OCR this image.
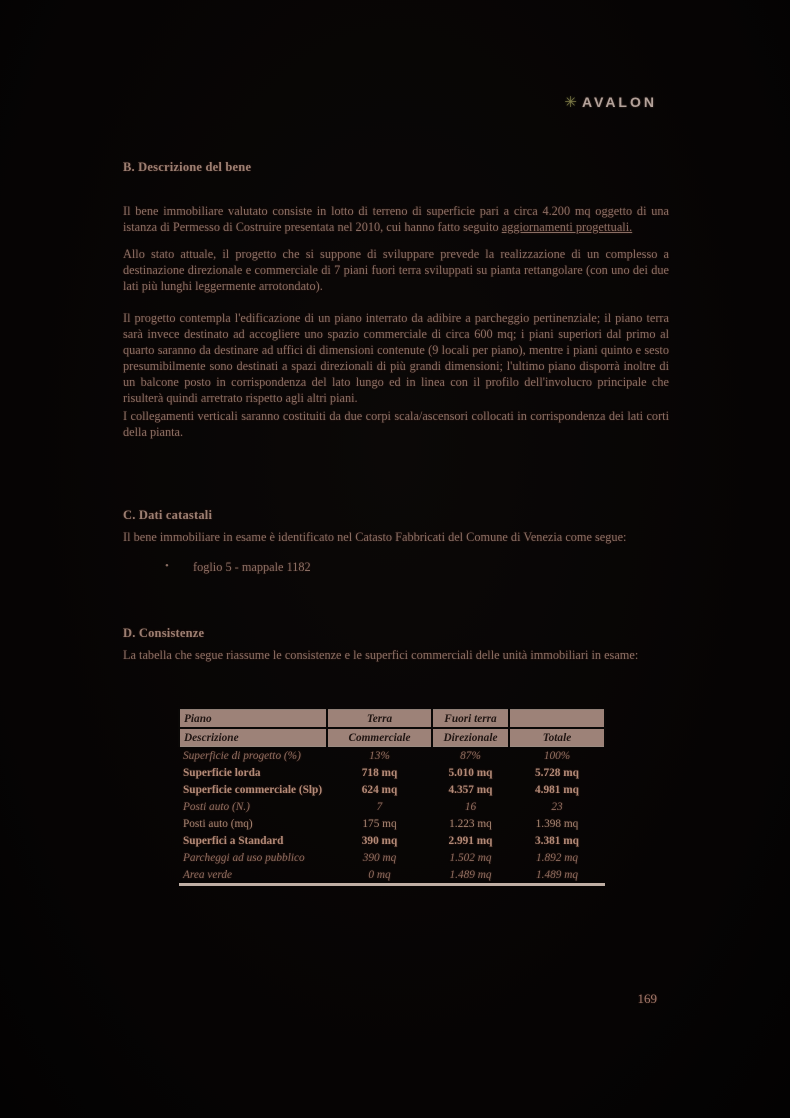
✳ AVALON
B. Descrizione del bene

Il bene immobiliare valutato consiste in lotto di terreno di superficie pari a circa 4.200 mq oggetto di una istanza di Permesso di Costruire presentata nel 2010, cui hanno fatto seguito aggiornamenti progettuali.

Allo stato attuale, il progetto che si suppone di sviluppare prevede la realizzazione di un complesso a destinazione direzionale e commerciale di 7 piani fuori terra sviluppati su pianta rettangolare (con uno dei due lati più lunghi leggermente arrotondato).

Il progetto contempla l'edificazione di un piano interrato da adibire a parcheggio pertinenziale; il piano terra sarà invece destinato ad accogliere uno spazio commerciale di circa 600 mq; i piani superiori dal primo al quarto saranno da destinare ad uffici di dimensioni contenute (9 locali per piano), mentre i piani quinto e sesto presumibilmente sono destinati a spazi direzionali di più grandi dimensioni; l'ultimo piano disporrà inoltre di un balcone posto in corrispondenza del lato lungo ed in linea con il profilo dell'involucro principale che risulterà quindi arretrato rispetto agli altri piani.

I collegamenti verticali saranno costituiti da due corpi scala/ascensori collocati in corrispondenza dei lati corti della pianta.

C. Dati catastali

Il bene immobiliare in esame è identificato nel Catasto Fabbricati del Comune di Venezia come segue:

•	foglio 5 - mappale 1182
D. Consistenze

La tabella che segue riassume le consistenze e le superfici commerciali delle unità immobiliari in esame:

Piano	Terra	Fuori terra	
Descrizione	Commerciale	Direzionale	Totale
Superficie di progetto (%)	13%	87%	100%
Superficie lorda	718 mq	5.010 mq	5.728 mq
Superficie commerciale (Slp)	624 mq	4.357 mq	4.981 mq
Posti auto (N.)	7	16	23
Posti auto (mq)	175 mq	1.223 mq	1.398 mq
Superfici a Standard	390 mq	2.991 mq	3.381 mq
Parcheggi ad uso pubblico	390 mq	1.502 mq	1.892 mq
Area verde	0 mq	1.489 mq	1.489 mq
169
